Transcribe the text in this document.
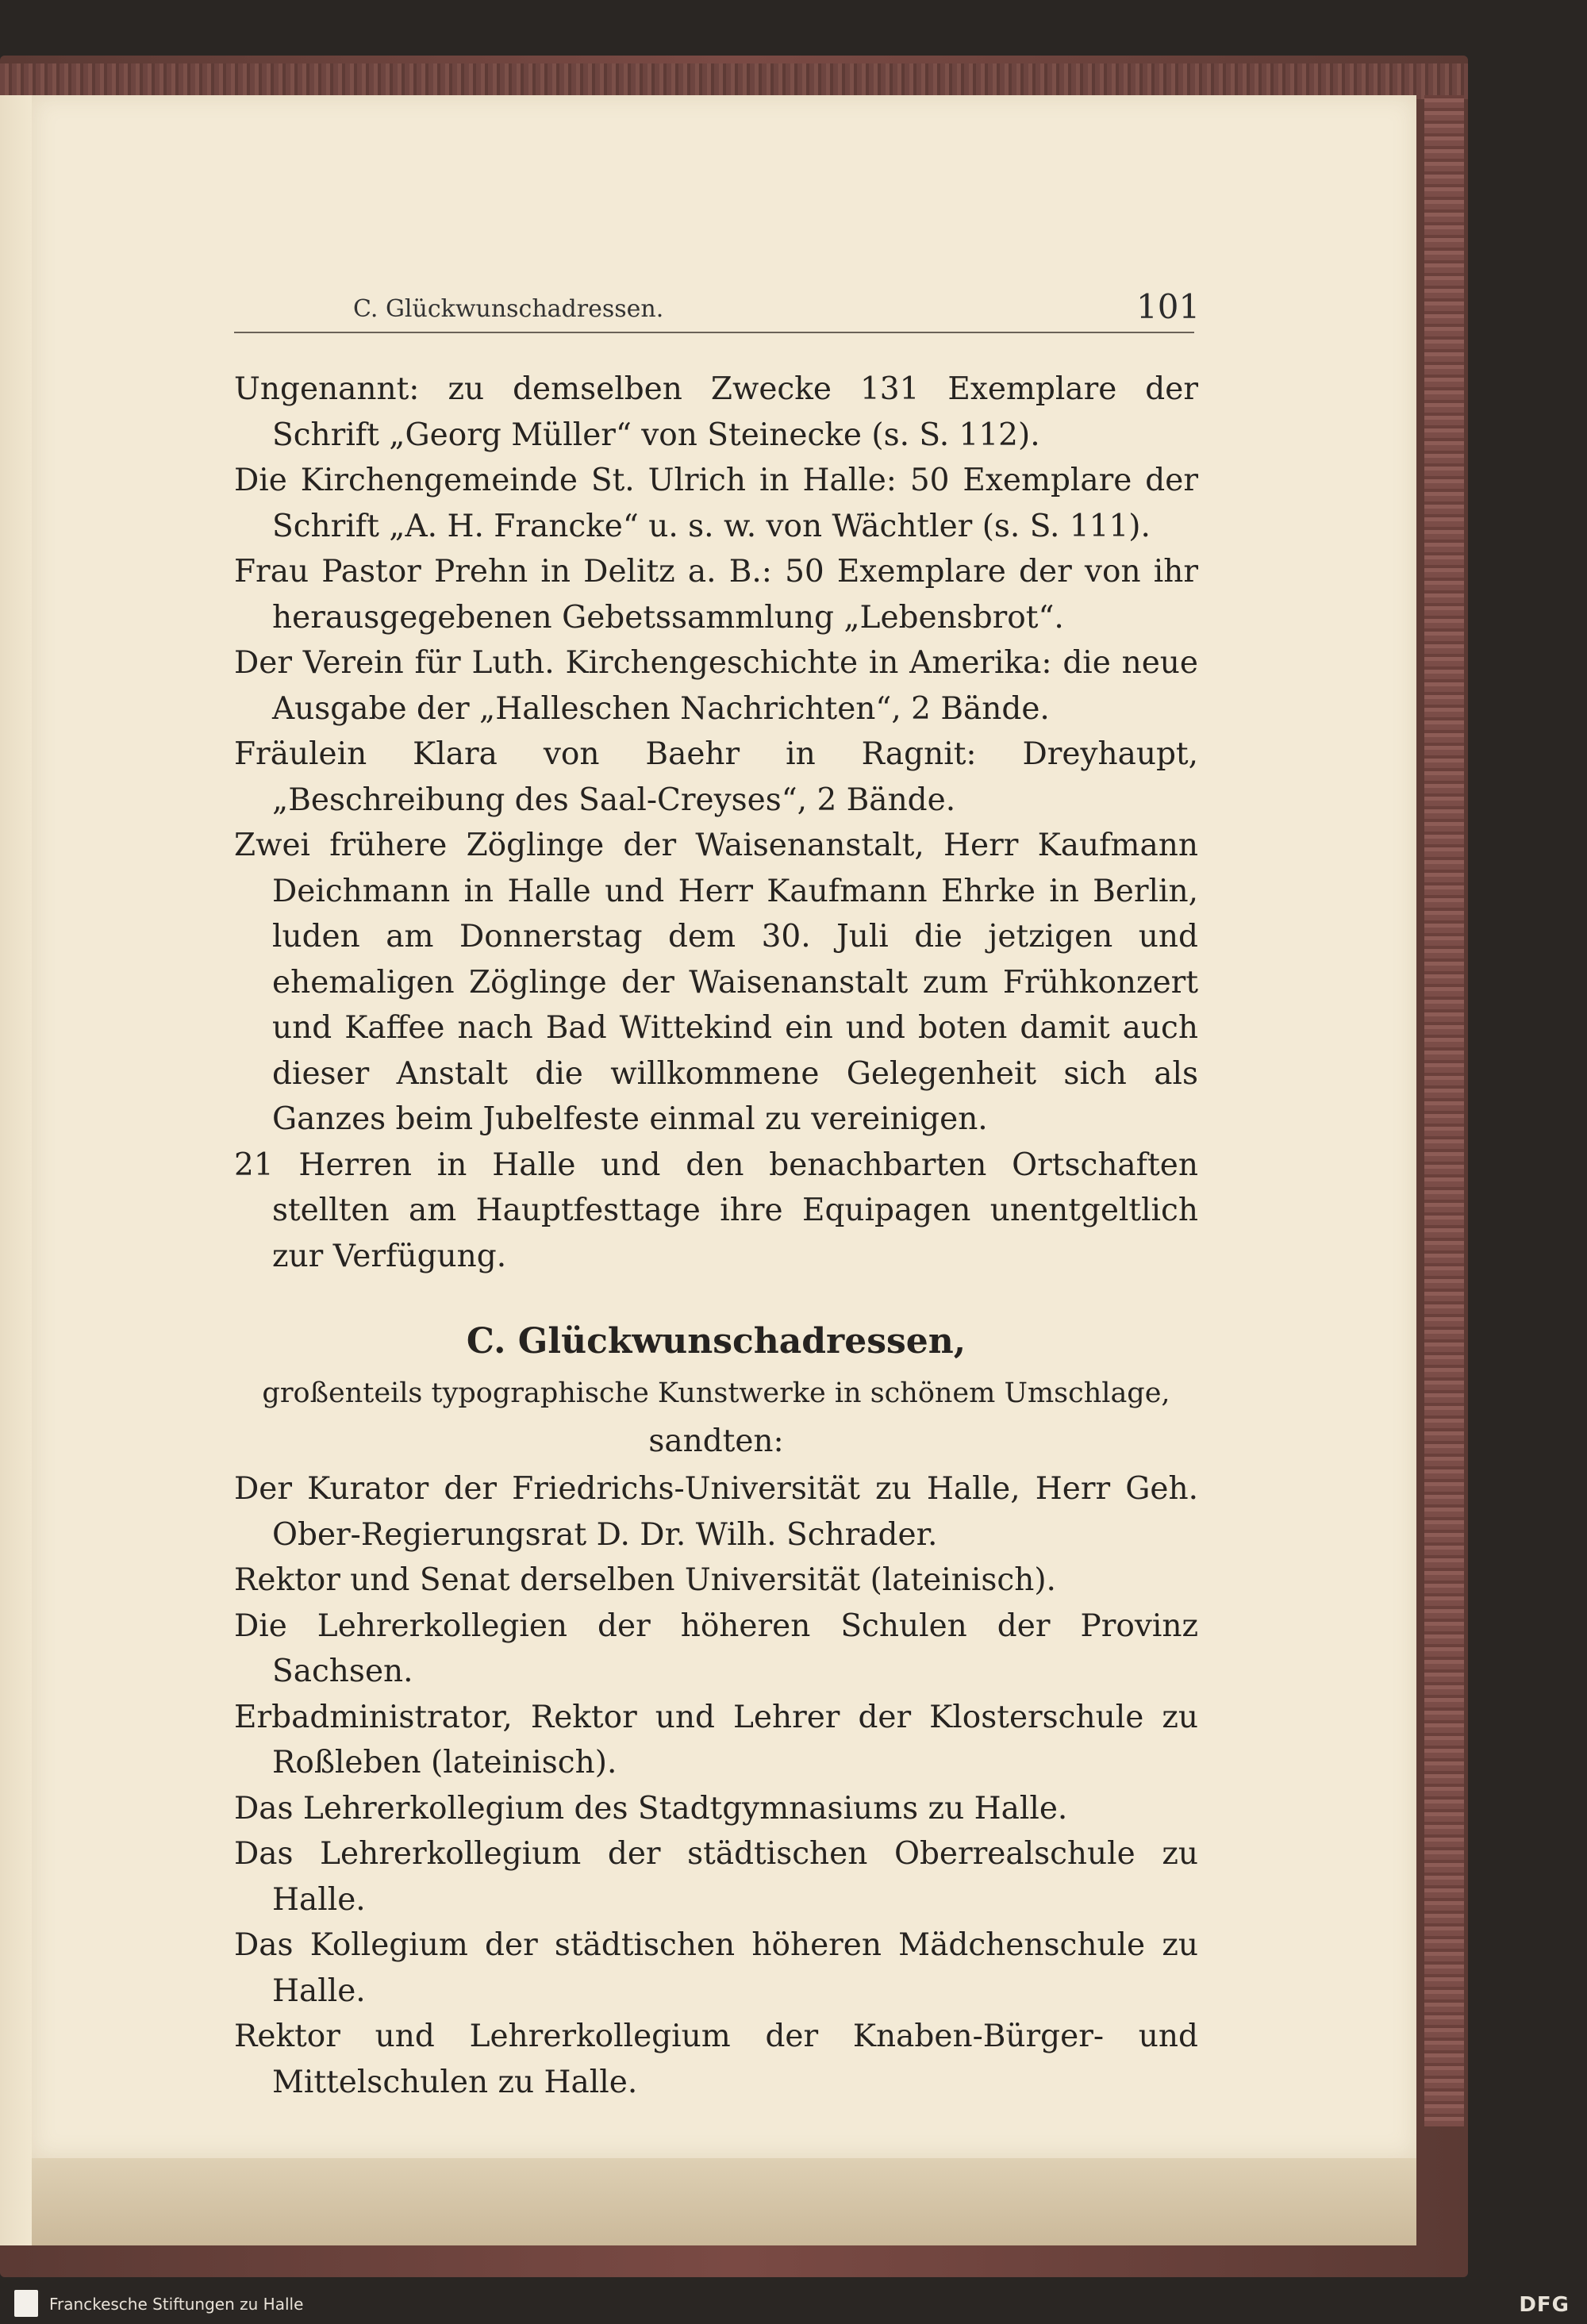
C. Glückwunschadressen.	101
Ungenannt: zu demselben Zwecke 131 Exemplare der Schrift „Georg Müller“ von Steinecke (s. S. 112).
Die Kirchengemeinde St. Ulrich in Halle: 50 Exemplare der Schrift „A. H. Francke“ u. s. w. von Wächtler (s. S. 111).
Frau Pastor Prehn in Delitz a. B.: 50 Exemplare der von ihr herausgegebenen Gebetssammlung „Lebensbrot“.
Der Verein für Luth. Kirchengeschichte in Amerika: die neue Ausgabe der „Halleschen Nachrichten“, 2 Bände.
Fräulein Klara von Baehr in Ragnit: Dreyhaupt, „Beschreibung des Saal-Creyses“, 2 Bände.
Zwei frühere Zöglinge der Waisenanstalt, Herr Kaufmann Deichmann in Halle und Herr Kaufmann Ehrke in Berlin, luden am Donnerstag dem 30. Juli die jetzigen und ehemaligen Zöglinge der Waisenanstalt zum Frühkonzert und Kaffee nach Bad Wittekind ein und boten damit auch dieser Anstalt die willkommene Gelegenheit sich als Ganzes beim Jubelfeste einmal zu vereinigen.
21 Herren in Halle und den benachbarten Ortschaften stellten am Hauptfesttage ihre Equipagen unentgeltlich zur Verfügung.
C. Glückwunschadressen,
großenteils typographische Kunstwerke in schönem Umschlage,
sandten:
Der Kurator der Friedrichs-Universität zu Halle, Herr Geh. Ober-Regierungsrat D. Dr. Wilh. Schrader.
Rektor und Senat derselben Universität (lateinisch).
Die Lehrerkollegien der höheren Schulen der Provinz Sachsen.
Erbadministrator, Rektor und Lehrer der Klosterschule zu Roßleben (lateinisch).
Das Lehrerkollegium des Stadtgymnasiums zu Halle.
Das Lehrerkollegium der städtischen Oberrealschule zu Halle.
Das Kollegium der städtischen höheren Mädchenschule zu Halle.
Rektor und Lehrerkollegium der Knaben-Bürger- und Mittelschulen zu Halle.
Franckesche Stiftungen zu Halle	DFG
